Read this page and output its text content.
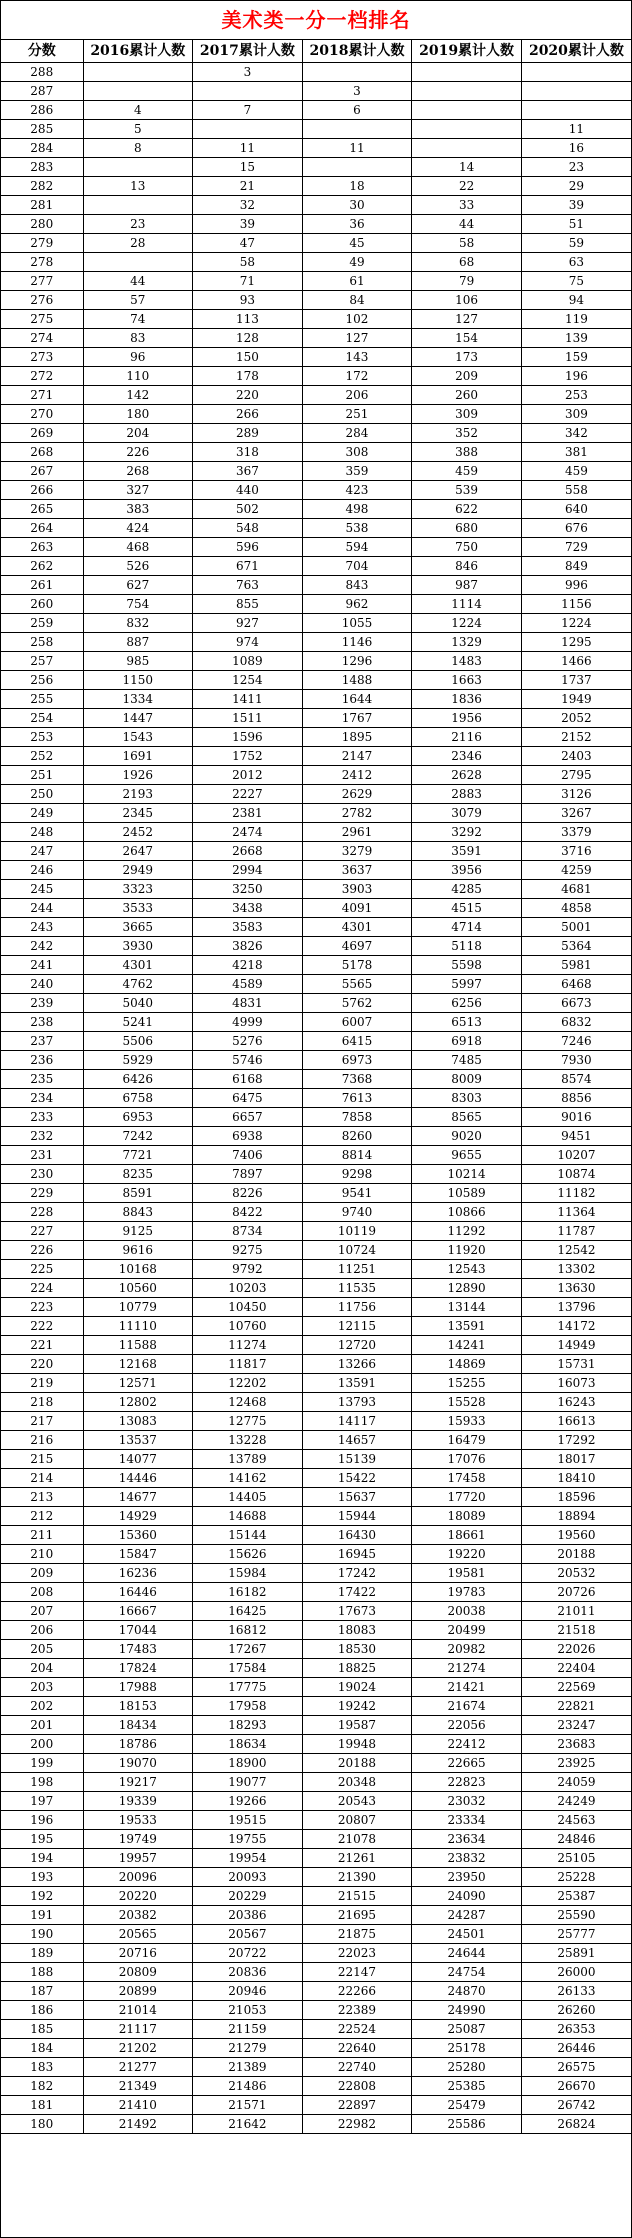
美术类一分一档排名
分数	2016累计人数	2017累计人数	2018累计人数	2019累计人数	2020累计人数
288		3			
287			3		
286	4	7	6		
285	5				11
284	8	11	11		16
283		15		14	23
282	13	21	18	22	29
281		32	30	33	39
280	23	39	36	44	51
279	28	47	45	58	59
278		58	49	68	63
277	44	71	61	79	75
276	57	93	84	106	94
275	74	113	102	127	119
274	83	128	127	154	139
273	96	150	143	173	159
272	110	178	172	209	196
271	142	220	206	260	253
270	180	266	251	309	309
269	204	289	284	352	342
268	226	318	308	388	381
267	268	367	359	459	459
266	327	440	423	539	558
265	383	502	498	622	640
264	424	548	538	680	676
263	468	596	594	750	729
262	526	671	704	846	849
261	627	763	843	987	996
260	754	855	962	1114	1156
259	832	927	1055	1224	1224
258	887	974	1146	1329	1295
257	985	1089	1296	1483	1466
256	1150	1254	1488	1663	1737
255	1334	1411	1644	1836	1949
254	1447	1511	1767	1956	2052
253	1543	1596	1895	2116	2152
252	1691	1752	2147	2346	2403
251	1926	2012	2412	2628	2795
250	2193	2227	2629	2883	3126
249	2345	2381	2782	3079	3267
248	2452	2474	2961	3292	3379
247	2647	2668	3279	3591	3716
246	2949	2994	3637	3956	4259
245	3323	3250	3903	4285	4681
244	3533	3438	4091	4515	4858
243	3665	3583	4301	4714	5001
242	3930	3826	4697	5118	5364
241	4301	4218	5178	5598	5981
240	4762	4589	5565	5997	6468
239	5040	4831	5762	6256	6673
238	5241	4999	6007	6513	6832
237	5506	5276	6415	6918	7246
236	5929	5746	6973	7485	7930
235	6426	6168	7368	8009	8574
234	6758	6475	7613	8303	8856
233	6953	6657	7858	8565	9016
232	7242	6938	8260	9020	9451
231	7721	7406	8814	9655	10207
230	8235	7897	9298	10214	10874
229	8591	8226	9541	10589	11182
228	8843	8422	9740	10866	11364
227	9125	8734	10119	11292	11787
226	9616	9275	10724	11920	12542
225	10168	9792	11251	12543	13302
224	10560	10203	11535	12890	13630
223	10779	10450	11756	13144	13796
222	11110	10760	12115	13591	14172
221	11588	11274	12720	14241	14949
220	12168	11817	13266	14869	15731
219	12571	12202	13591	15255	16073
218	12802	12468	13793	15528	16243
217	13083	12775	14117	15933	16613
216	13537	13228	14657	16479	17292
215	14077	13789	15139	17076	18017
214	14446	14162	15422	17458	18410
213	14677	14405	15637	17720	18596
212	14929	14688	15944	18089	18894
211	15360	15144	16430	18661	19560
210	15847	15626	16945	19220	20188
209	16236	15984	17242	19581	20532
208	16446	16182	17422	19783	20726
207	16667	16425	17673	20038	21011
206	17044	16812	18083	20499	21518
205	17483	17267	18530	20982	22026
204	17824	17584	18825	21274	22404
203	17988	17775	19024	21421	22569
202	18153	17958	19242	21674	22821
201	18434	18293	19587	22056	23247
200	18786	18634	19948	22412	23683
199	19070	18900	20188	22665	23925
198	19217	19077	20348	22823	24059
197	19339	19266	20543	23032	24249
196	19533	19515	20807	23334	24563
195	19749	19755	21078	23634	24846
194	19957	19954	21261	23832	25105
193	20096	20093	21390	23950	25228
192	20220	20229	21515	24090	25387
191	20382	20386	21695	24287	25590
190	20565	20567	21875	24501	25777
189	20716	20722	22023	24644	25891
188	20809	20836	22147	24754	26000
187	20899	20946	22266	24870	26133
186	21014	21053	22389	24990	26260
185	21117	21159	22524	25087	26353
184	21202	21279	22640	25178	26446
183	21277	21389	22740	25280	26575
182	21349	21486	22808	25385	26670
181	21410	21571	22897	25479	26742
180	21492	21642	22982	25586	26824
